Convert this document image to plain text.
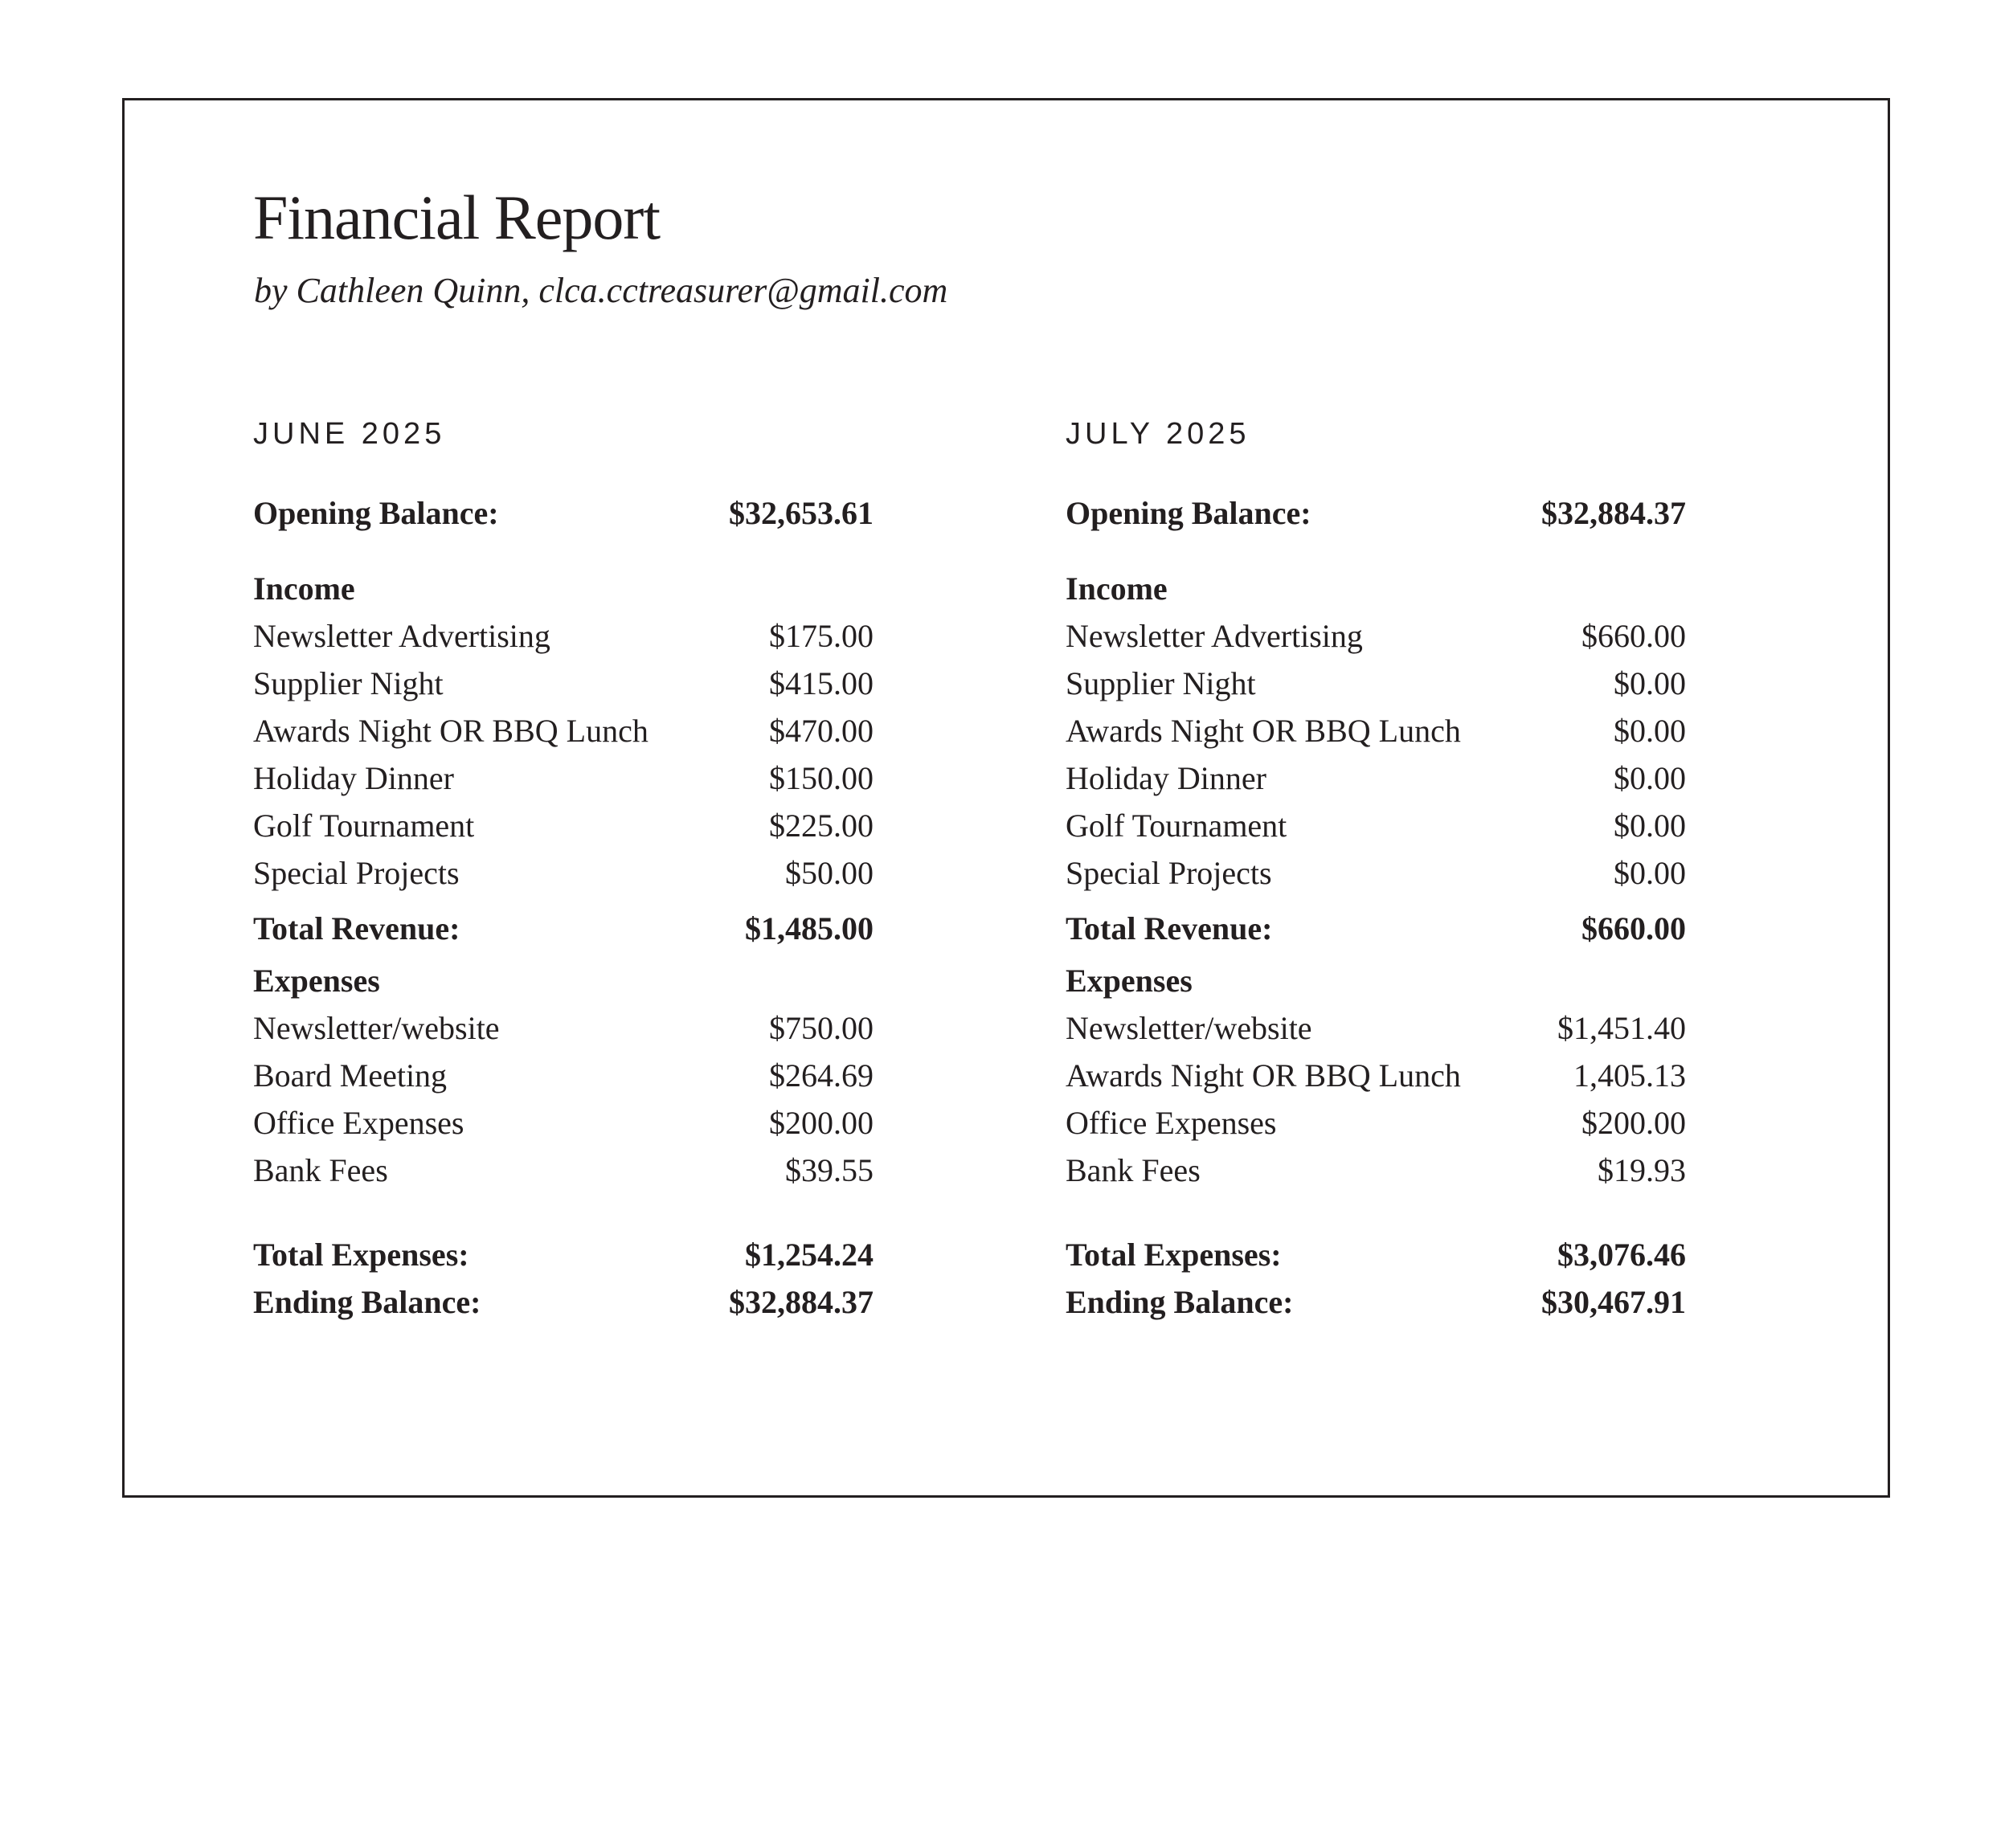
Financial Report
by Cathleen Quinn, clca.cctreasurer@gmail.com
JUNE 2025
Opening Balance:	$32,653.61
Income
Newsletter Advertising	$175.00
Supplier Night	$415.00
Awards Night OR BBQ Lunch	$470.00
Holiday Dinner	$150.00
Golf Tournament	$225.00
Special Projects	$50.00
Total Revenue:	$1,485.00
Expenses
Newsletter/website	$750.00
Board Meeting	$264.69
Office Expenses	$200.00
Bank Fees	$39.55
Total Expenses:	$1,254.24
Ending Balance:	$32,884.37
JULY 2025
Opening Balance:	$32,884.37
Income
Newsletter Advertising	$660.00
Supplier Night	$0.00
Awards Night OR BBQ Lunch	$0.00
Holiday Dinner	$0.00
Golf Tournament	$0.00
Special Projects	$0.00
Total Revenue:	$660.00
Expenses
Newsletter/website	$1,451.40
Awards Night OR BBQ Lunch	1,405.13
Office Expenses	$200.00
Bank Fees	$19.93
Total Expenses:	$3,076.46
Ending Balance:	$30,467.91
